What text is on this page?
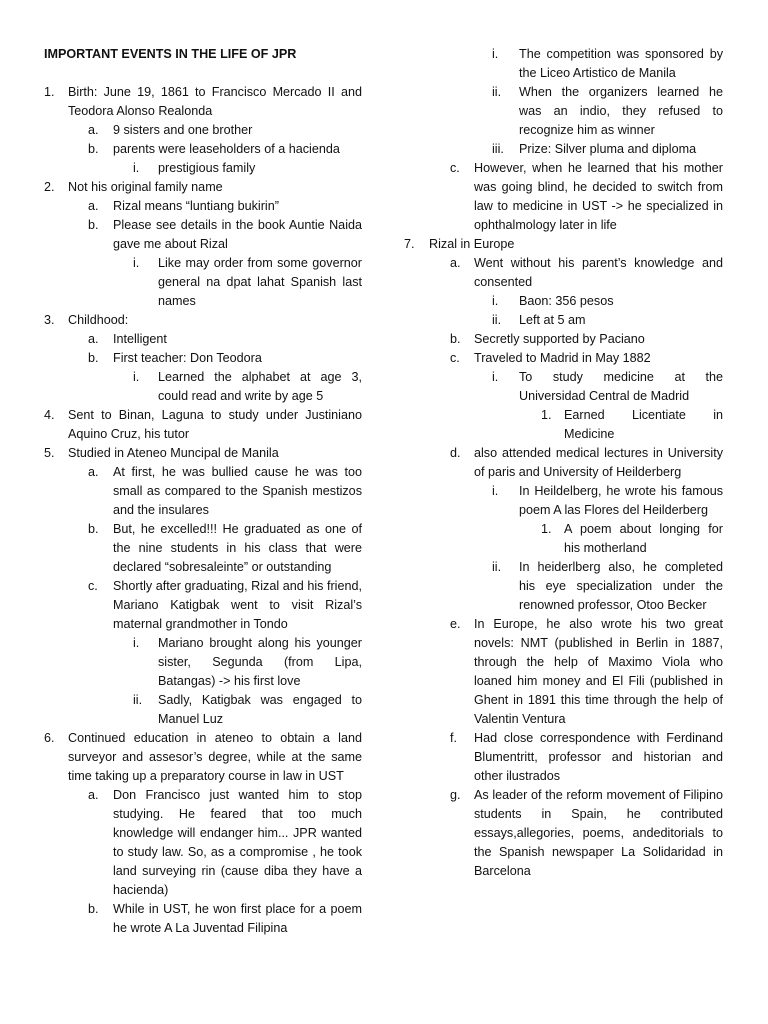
IMPORTANT EVENTS IN THE LIFE OF JPR
1. Birth: June 19, 1861 to Francisco Mercado II and Teodora Alonso Realonda
a. 9 sisters and one brother
b. parents were leaseholders of a hacienda
i. prestigious family
2. Not his original family name
a. Rizal means “luntiang bukirin”
b. Please see details in the book Auntie Naida gave me about Rizal
i. Like may order from some governor general na dpat lahat Spanish last names
3. Childhood:
a. Intelligent
b. First teacher: Don Teodora
i. Learned the alphabet at age 3, could read and write by age 5
4. Sent to Binan, Laguna to study under Justiniano Aquino Cruz, his tutor
5. Studied in Ateneo Muncipal de Manila
a. At first, he was bullied cause he was too small as compared to the Spanish mestizos and the insulares
b. But, he excelled!!! He graduated as one of the nine students in his class that were declared “sobresaleinte” or outstanding
c. Shortly after graduating, Rizal and his friend, Mariano Katigbak went to visit Rizal’s maternal grandmother in Tondo
i. Mariano brought along his younger sister, Segunda (from Lipa, Batangas) -> his first love
ii. Sadly, Katigbak was engaged to Manuel Luz
6. Continued education in ateneo to obtain a land surveyor and assesor’s degree, while at the same time taking up a preparatory course in law in UST
a. Don Francisco just wanted him to stop studying. He feared that too much knowledge will endanger him... JPR wanted to study law. So, as a compromise , he took land surveying rin (cause diba they have a hacienda)
b. While in UST, he won first place for a poem he wrote A La Juventad Filipina
i. The competition was sponsored by the Liceo Artistico de Manila
ii. When the organizers learned he was an indio, they refused to recognize him as winner
iii. Prize: Silver pluma and diploma
c. However, when he learned that his mother was going blind, he decided to switch from law to medicine in UST -> he specialized in ophthalmology later in life
7. Rizal in Europe
a. Went without his parent’s knowledge and consented
i. Baon: 356 pesos
ii. Left at 5 am
b. Secretly supported by Paciano
c. Traveled to Madrid in May 1882
i. To study medicine at the Universidad Central de Madrid
1. Earned Licentiate in Medicine
d. also attended medical lectures in University of paris and University of Heilderberg
i. In Heildelberg, he wrote his famous poem A las Flores del Heilderberg
1. A poem about longing for his motherland
ii. In heiderlberg also, he completed his eye specialization under the renowned professor, Otoo Becker
e. In Europe, he also wrote his two great novels: NMT (published in Berlin in 1887, through the help of Maximo Viola who loaned him money and El Fili (published in Ghent in 1891 this time through the help of Valentin Ventura
f. Had close correspondence with Ferdinand Blumentritt, professor and historian and other ilustrados
g. As leader of the reform movement of Filipino students in Spain, he contributed essays,allegories, poems, andeditorials to the Spanish newspaper La Solidaridad in Barcelona
